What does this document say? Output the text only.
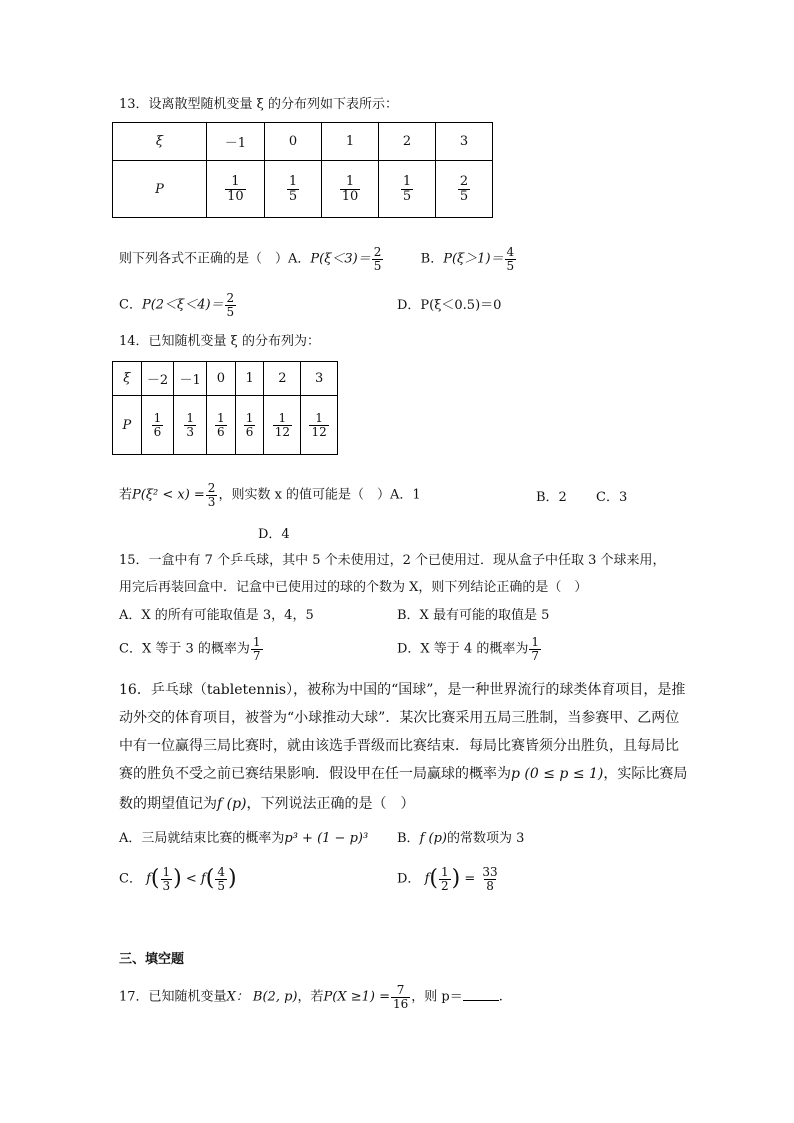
13．设离散型随机变量 ξ 的分布列如下表所示：
ξ	－1	0	1	2	3
P	$\frac{1}{10}$	$\frac{1}{5}$	$\frac{1}{10}$	$\frac{1}{5}$	$\frac{2}{5}$
则下列各式不正确的是（　）A．$P(\xi<3)= \frac{2}{5}$	B．$P(\xi>1)= \frac{4}{5}$
C．$P(2<\xi<4)= \frac{2}{5}$	D．P(ξ＜0.5)＝0
14．已知随机变量 ξ 的分布列为：
ξ	－2	－1	0	1	2	3
P	$\frac{1}{6}$	$\frac{1}{3}$	$\frac{1}{6}$	$\frac{1}{6}$	$\frac{1}{12}$	$\frac{1}{12}$
若$P(\xi^2 < x) = \frac{2}{3}$ ，则实数 x 的值可能是（　）A．1	B．2 C．3
D．4
15．一盒中有 7 个乒乓球，其中 5 个未使用过，2 个已使用过．现从盒子中任取 3 个球来用，
用完后再装回盒中．记盒中已使用过的球的个数为 X，则下列结论正确的是（　）
A．X 的所有可能取值是 3，4，5	B．X 最有可能的取值是 5
C．X 等于 3 的概率为 $\frac{1}{7}$	D．X 等于 4 的概率为 $\frac{1}{7}$
16．乒乓球（tabletennis），被称为中国的“国球”，是一种世界流行的球类体育项目，是推
动外交的体育项目，被誉为“小球推动大球”．某次比赛采用五局三胜制，当参赛甲、乙两位
中有一位赢得三局比赛时，就由该选手晋级而比赛结束．每局比赛皆须分出胜负，且每局比
赛的胜负不受之前已赛结果影响．假设甲在任一局赢球的概率为p (0 ≤ p ≤ 1)，实际比赛局
数的期望值记为f (p)，下列说法正确的是（　）
A．三局就结束比赛的概率为p³ + (1 − p)³ B．f (p)的常数项为 3
C． $f( \frac{1}{3}$ ) < $f( \frac{4}{5}$ )	D． $f( \frac{1}{2}$ ) = $\frac{33}{8}$
三、填空题
17．已知随机变量X： B(2, p)，若$P(X \ge 1) = \frac{7}{16}$ ，则 p＝	.
